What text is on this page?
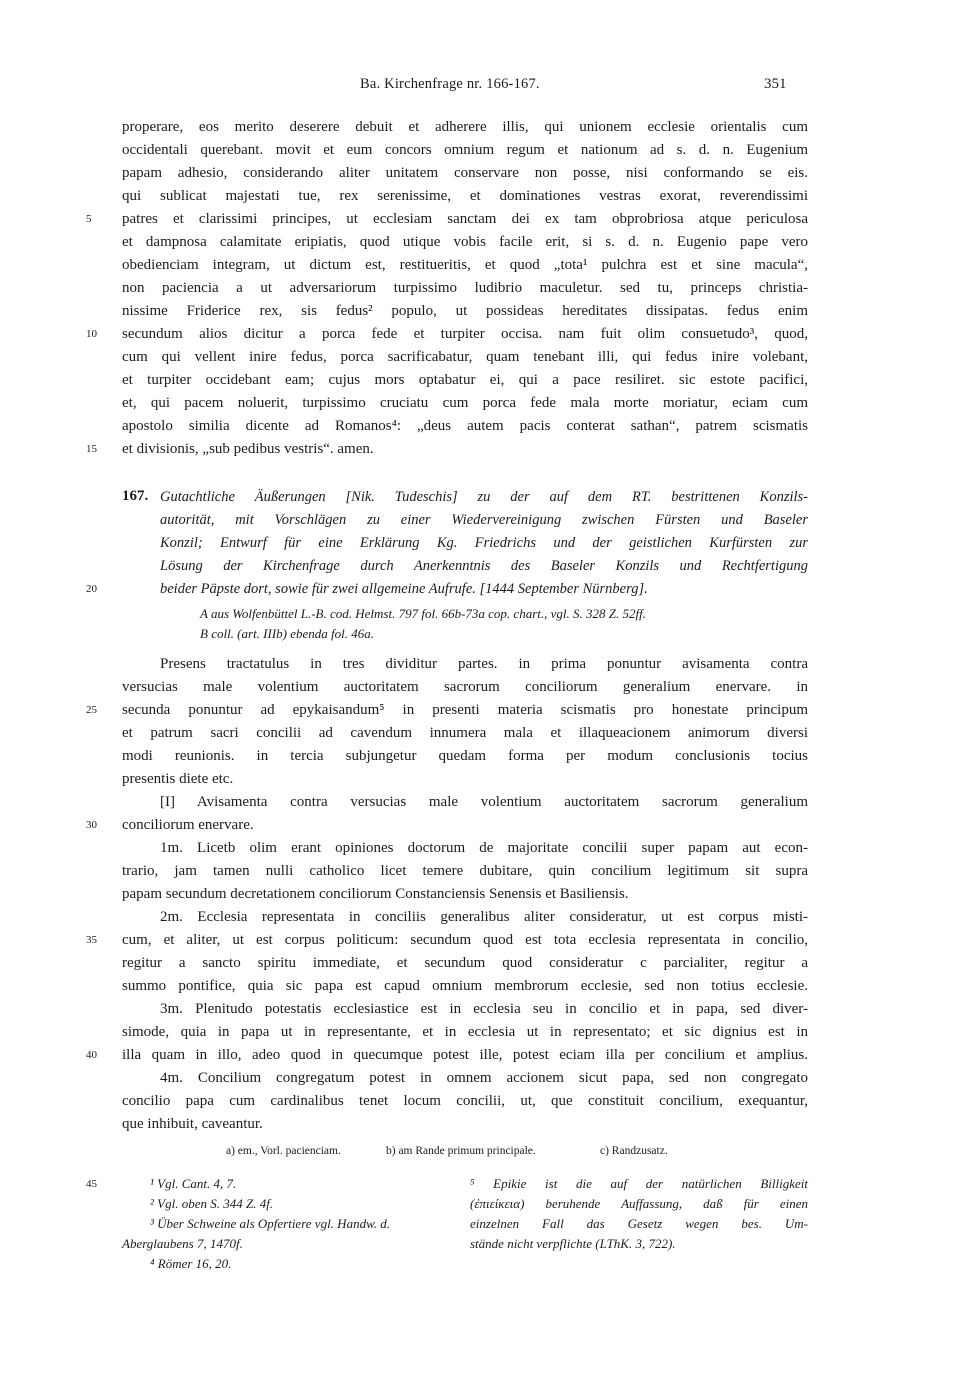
Ba. Kirchenfrage nr. 166-167.	351
properare, eos merito deserere debuit et adherere illis, qui unionem ecclesie orientalis cum
occidentali querebant. movit et eum concors omnium regum et nationum ad s. d. n. Eugenium
papam adhesio, considerando aliter unitatem conservare non posse, nisi conformando se eis.
qui sublicat majestati tue, rex serenissime, et dominationes vestras exorat, reverendissimi
5	patres et clarissimi principes, ut ecclesiam sanctam dei ex tam obprobriosa atque periculosa
et dampnosa calamitate eripiatis, quod utique vobis facile erit, si s. d. n. Eugenio pape vero
obedienciam integram, ut dictum est, restitueritis, et quod „tota¹ pulchra est et sine macula“,
non paciencia a ut adversariorum turpissimo ludibrio maculetur. sed tu, princeps christia-
nissime Friderice rex, sis fedus² populo, ut possideas hereditates dissipatas. fedus enim
10	secundum alios dicitur a porca fede et turpiter occisa. nam fuit olim consuetudo³, quod,
cum qui vellent inire fedus, porca sacrificabatur, quam tenebant illi, qui fedus inire volebant,
et turpiter occidebant eam; cujus mors optabatur ei, qui a pace resiliret. sic estote pacifici,
et, qui pacem noluerit, turpissimo cruciatu cum porca fede mala morte moriatur, eciam cum
apostolo similia dicente ad Romanos⁴: „deus autem pacis conterat sathan“, patrem scismatis
15	et divisionis, „sub pedibus vestris“. amen.
167. Gutachtliche Äußerungen [Nik. Tudeschis] zu der auf dem RT. bestrittenen Konzils-
autorität, mit Vorschlägen zu einer Wiedervereinigung zwischen Fürsten und Baseler
Konzil; Entwurf für eine Erklärung Kg. Friedrichs und der geistlichen Kurfürsten zur
Lösung der Kirchenfrage durch Anerkenntnis des Baseler Konzils und Rechtfertigung
20	beider Päpste dort, sowie für zwei allgemeine Aufrufe. [1444 September Nürnberg].
A aus Wolfenbüttel L.-B. cod. Helmst. 797 fol. 66b-73a cop. chart., vgl. S. 328 Z. 52ff.
B coll. (art. IIIb) ebenda fol. 46a.
Presens tractatulus in tres dividitur partes. in prima ponuntur avisamenta contra
versucias male volentium auctoritatem sacrorum conciliorum generalium enervare. in
25	secunda ponuntur ad epykaisandum⁵ in presenti materia scismatis pro honestate principum
et patrum sacri concilii ad cavendum innumera mala et illaqueacionem animorum diversi
modi reunionis. in tercia subjungetur quedam forma per modum conclusionis tocius
presentis diete etc.
[I] Avisamenta contra versucias male volentium auctoritatem sacrorum generalium
30	conciliorum enervare.
1m. Licetb olim erant opiniones doctorum de majoritate concilii super papam aut econ-
trario, jam tamen nulli catholico licet temere dubitare, quin concilium legitimum sit supra
papam secundum decretationem conciliorum Constanciensis Senensis et Basiliensis.
2m. Ecclesia representata in conciliis generalibus aliter consideratur, ut est corpus misti-
35	cum, et aliter, ut est corpus politicum: secundum quod est tota ecclesia representata in concilio,
regitur a sancto spiritu immediate, et secundum quod consideratur c parcialiter, regitur a
summo pontifice, quia sic papa est capud omnium membrorum ecclesie, sed non totius ecclesie.
3m. Plenitudo potestatis ecclesiastice est in ecclesia seu in concilio et in papa, sed diver-
simode, quia in papa ut in representante, et in ecclesia ut in representato; et sic dignius est in
40	illa quam in illo, adeo quod in quecumque potest ille, potest eciam illa per concilium et amplius.
4m. Concilium congregatum potest in omnem accionem sicut papa, sed non congregato
concilio papa cum cardinalibus tenet locum concilii, ut, que constituit concilium, exequantur,
que inhibuit, caveantur.
a) em., Vorl. pacienciam.	b) am Rande primum principale.	c) Randzusatz.
45	¹ Vgl. Cant. 4, 7.
² Vgl. oben S. 344 Z. 4f.
³ Über Schweine als Opfertiere vgl. Handw. d.
Aberglaubens 7, 1470f.
⁴ Römer 16, 20.
⁵ Epikie ist die auf der natürlichen Billigkeit
(ἐπιείκεια) beruhende Auffassung, daß für einen
einzelnen Fall das Gesetz wegen bes. Um-
stände nicht verpflichte (LThK. 3, 722).
